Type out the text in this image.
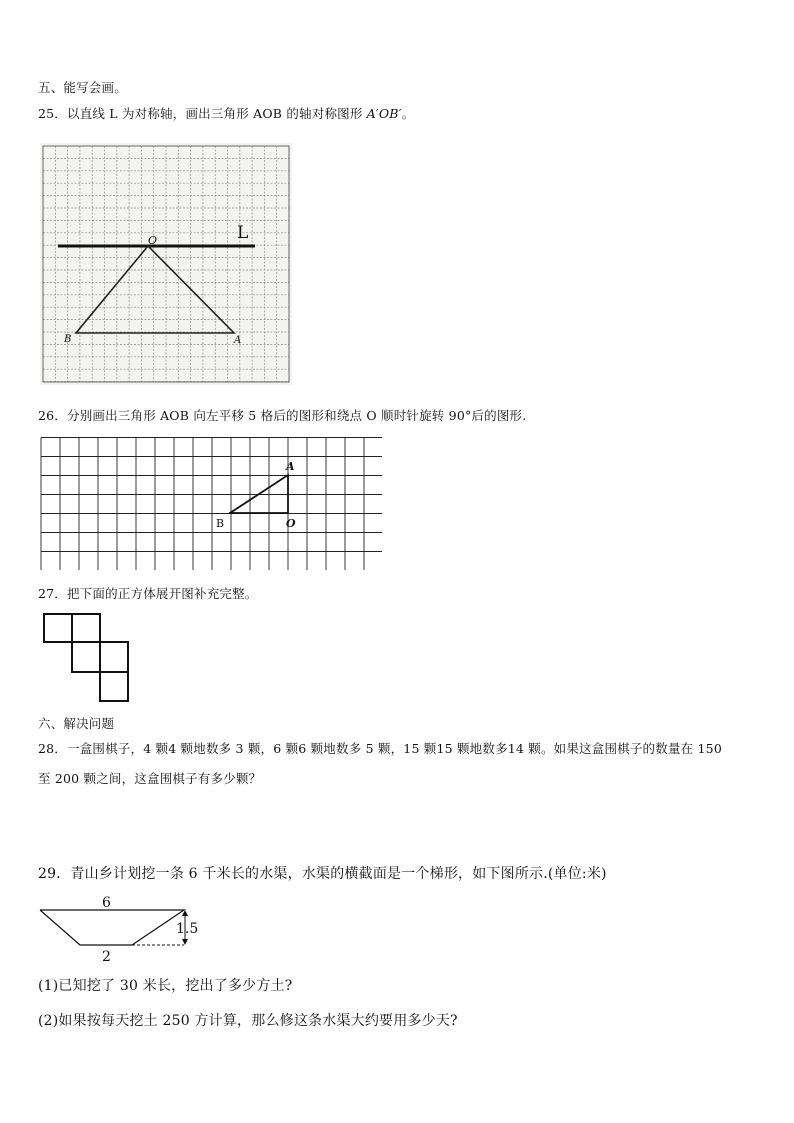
五、能写会画。
25．以直线 L 为对称轴，画出三角形 AOB 的轴对称图形 A′OB′。
L
O
B	A
26．分别画出三角形 AOB 向左平移 5 格后的图形和绕点 O 顺时针旋转 90°后的图形.
A
B	O
27．把下面的正方体展开图补充完整。
六、解决问题
28．一盒围棋子，4 颗4 颗地数多 3 颗，6 颗6 颗地数多 5 颗，15 颗15 颗地数多14 颗。如果这盒围棋子的数量在 150
至 200 颗之间，这盒围棋子有多少颗？
29．青山乡计划挖一条 6 千米长的水渠，水渠的横截面是一个梯形，如下图所示.(单位:米)
6
2
1.5
(1)已知挖了 30 米长，挖出了多少方土?
(2)如果按每天挖土 250 方计算，那么修这条水渠大约要用多少天?
